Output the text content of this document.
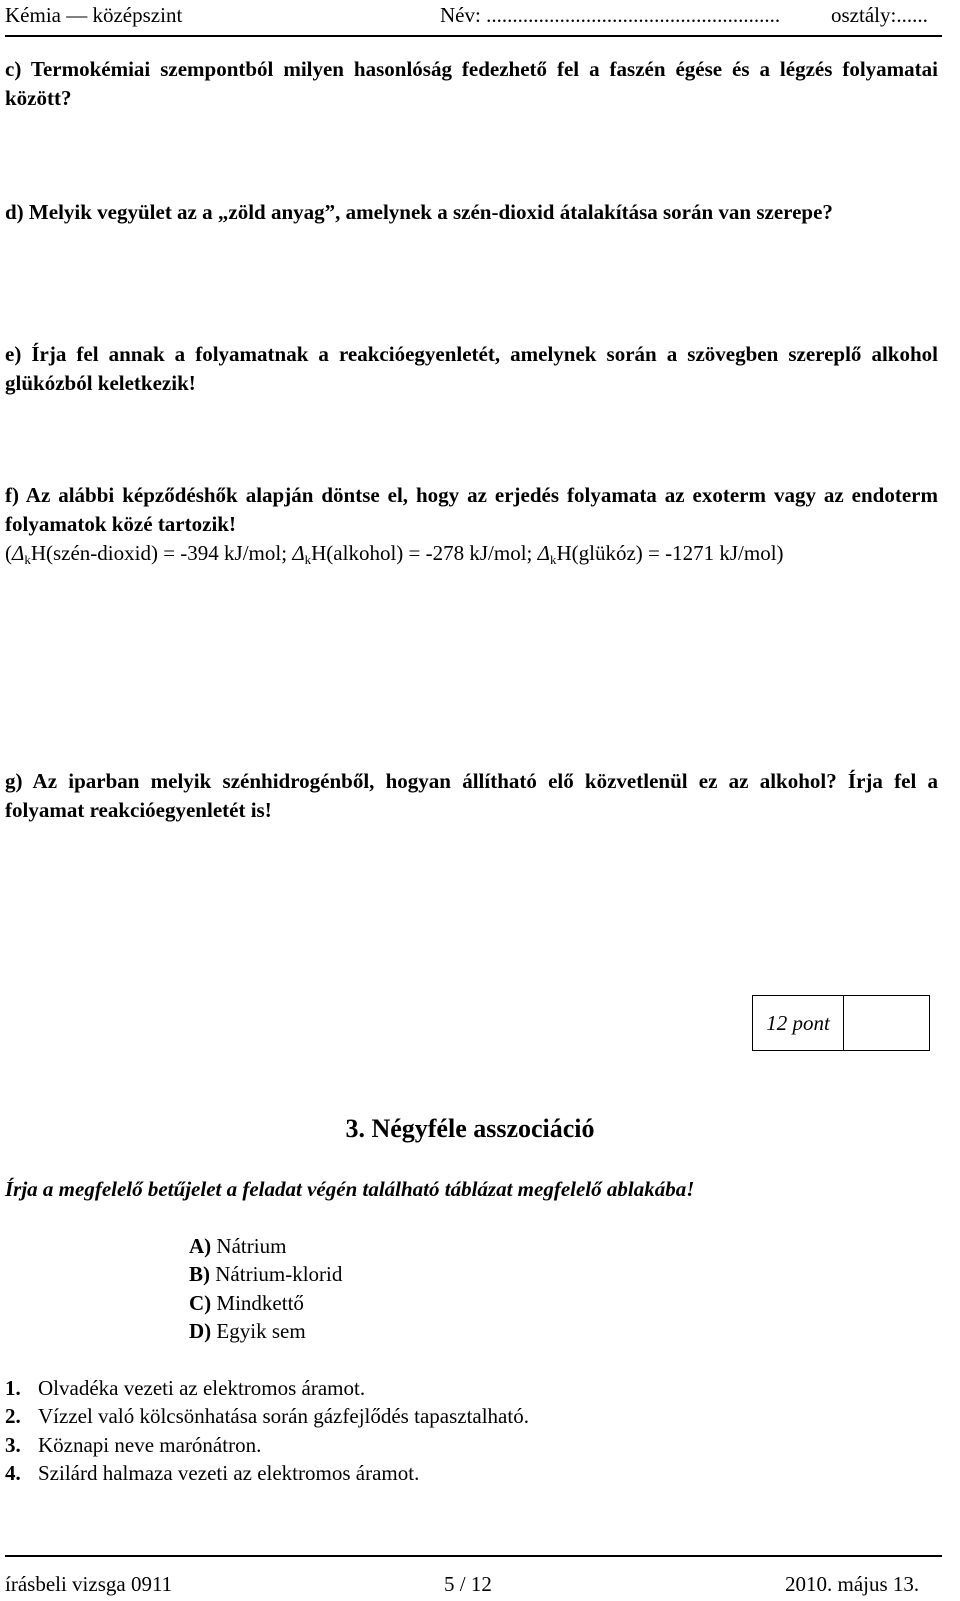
Kémia — középszint	Név: ........................................................ osztály:......
c) Termokémiai szempontból milyen hasonlóság fedezhető fel a faszén égése és a légzés folyamatai között?
d) Melyik vegyület az a „zöld anyag”, amelynek a szén-dioxid átalakítása során van szerepe?
e) Írja fel annak a folyamatnak a reakcióegyenletét, amelynek során a szövegben szereplő alkohol glükózból keletkezik!
f) Az alábbi képződéshők alapján döntse el, hogy az erjedés folyamata az exoterm vagy az endoterm folyamatok közé tartozik!
(ΔkH(szén-dioxid) = -394 kJ/mol; ΔkH(alkohol) = -278 kJ/mol; ΔkH(glükóz) = -1271 kJ/mol)
g) Az iparban melyik szénhidrogénből, hogyan állítható elő közvetlenül ez az alkohol? Írja fel a folyamat reakcióegyenletét is!
12 pont
3. Négyféle asszociáció
Írja a megfelelő betűjelet a feladat végén található táblázat megfelelő ablakába!
A) Nátrium
B) Nátrium-klorid
C) Mindkettő
D) Egyik sem
1. Olvadéka vezeti az elektromos áramot.
2. Vízzel való kölcsönhatása során gázfejlődés tapasztalható.
3. Köznapi neve marónátron.
4. Szilárd halmaza vezeti az elektromos áramot.
írásbeli vizsga 0911	5 / 12	2010. május 13.
